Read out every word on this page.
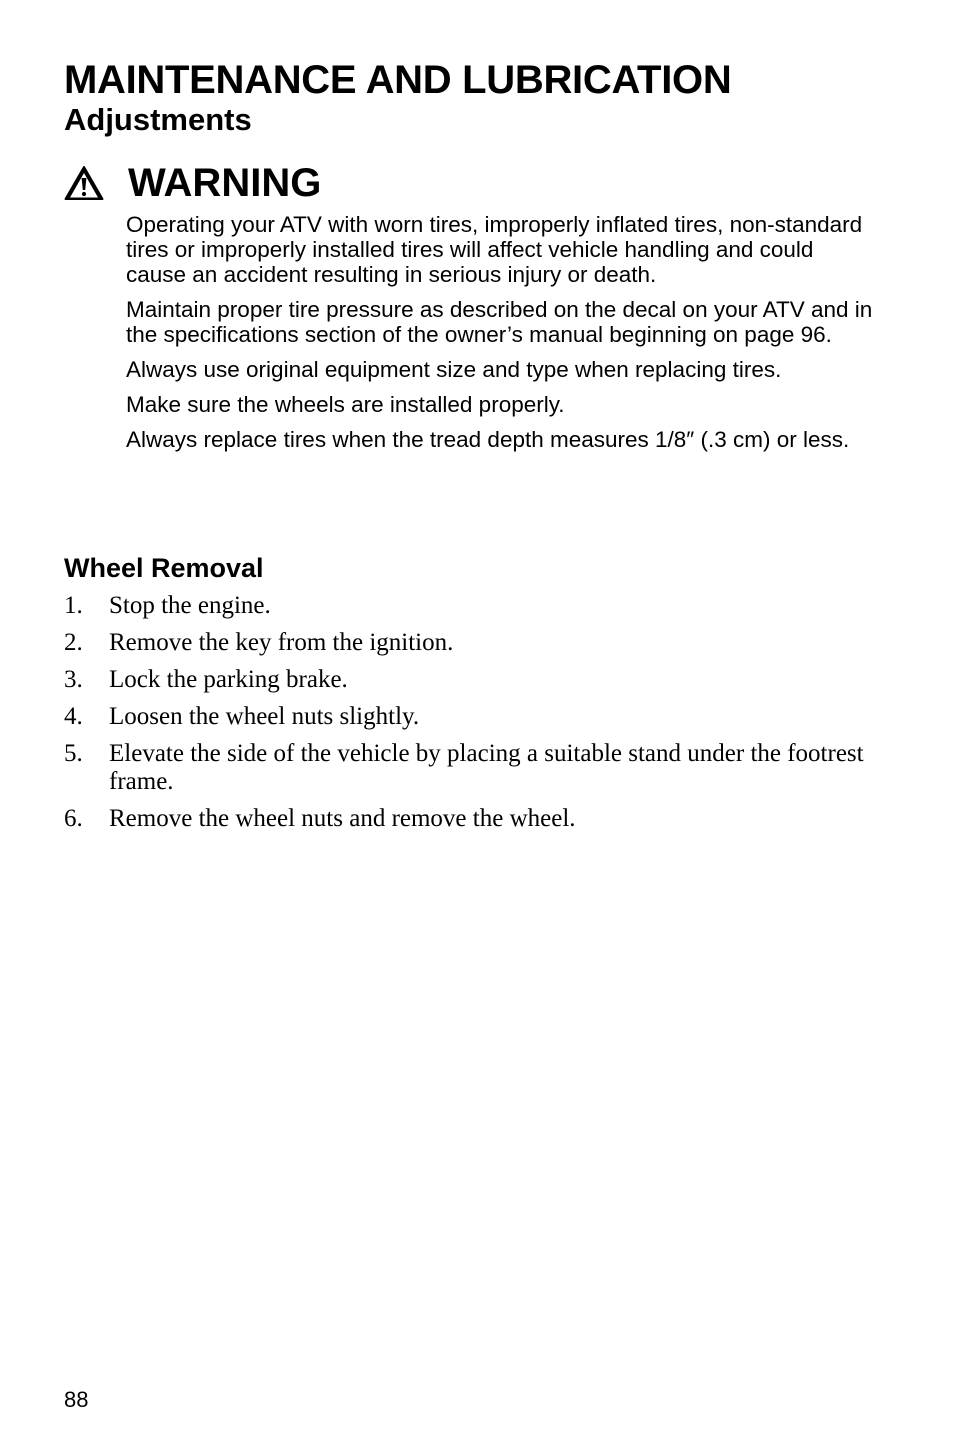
MAINTENANCE AND LUBRICATION
Adjustments
WARNING

Operating your ATV with worn tires, improperly inflated tires, non-standard tires or improperly installed tires will affect vehicle handling and could cause an accident resulting in serious injury or death.

Maintain proper tire pressure as described on the decal on your ATV and in the specifications section of the owner’s manual beginning on page 96.

Always use original equipment size and type when replacing tires.

Make sure the wheels are installed properly.

Always replace tires when the tread depth measures 1/8″ (.3 cm) or less.

Wheel Removal
1. Stop the engine.
2. Remove the key from the ignition.
3. Lock the parking brake.
4. Loosen the wheel nuts slightly.
5. Elevate the side of the vehicle by placing a suitable stand under the footrest frame.
6. Remove the wheel nuts and remove the wheel.
88
